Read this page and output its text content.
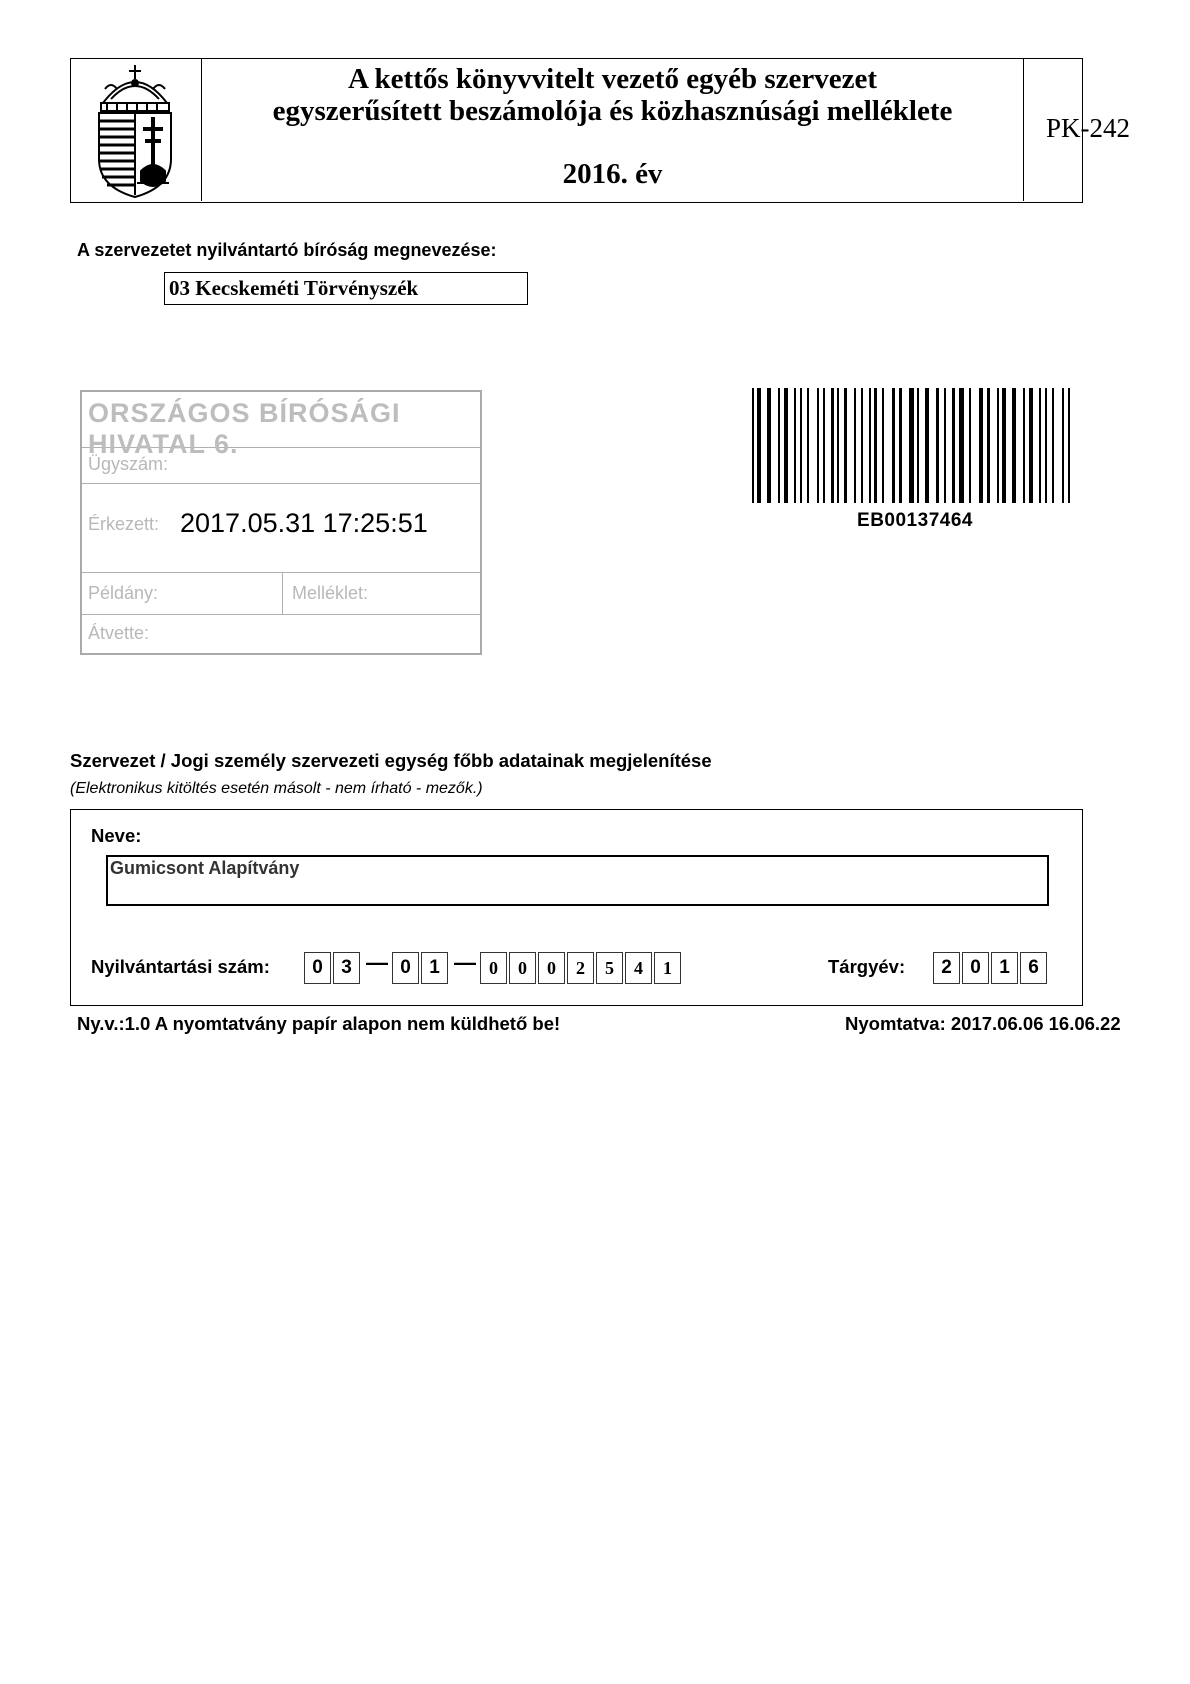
A kettős könyvvitelt vezető egyéb szervezet
egyszerűsített beszámolója és közhasznúsági melléklete
2016. év
PK-242
A szervezetet nyilvántartó bíróság megnevezése:
03 Kecskeméti Törvényszék
ORSZÁGOS BÍRÓSÁGI HIVATAL 6.
Ügyszám:
Érkezett: 2017.05.31 17:25:51
Példány:	Melléklet:
Átvette:
EB00137464
Szervezet / Jogi személy szervezeti egység főbb adatainak megjelenítése
(Elektronikus kitöltés esetén másolt - nem írható - mezők.)
Neve:
Gumicsont Alapítvány
Nyilvántartási szám:	0 3 — 0 1 — 0	0	0	2	5	4	1	Tárgyév:	2 0 1 6
Ny.v.:1.0 A nyomtatvány papír alapon nem küldhető be!	Nyomtatva: 2017.06.06 16.06.22
